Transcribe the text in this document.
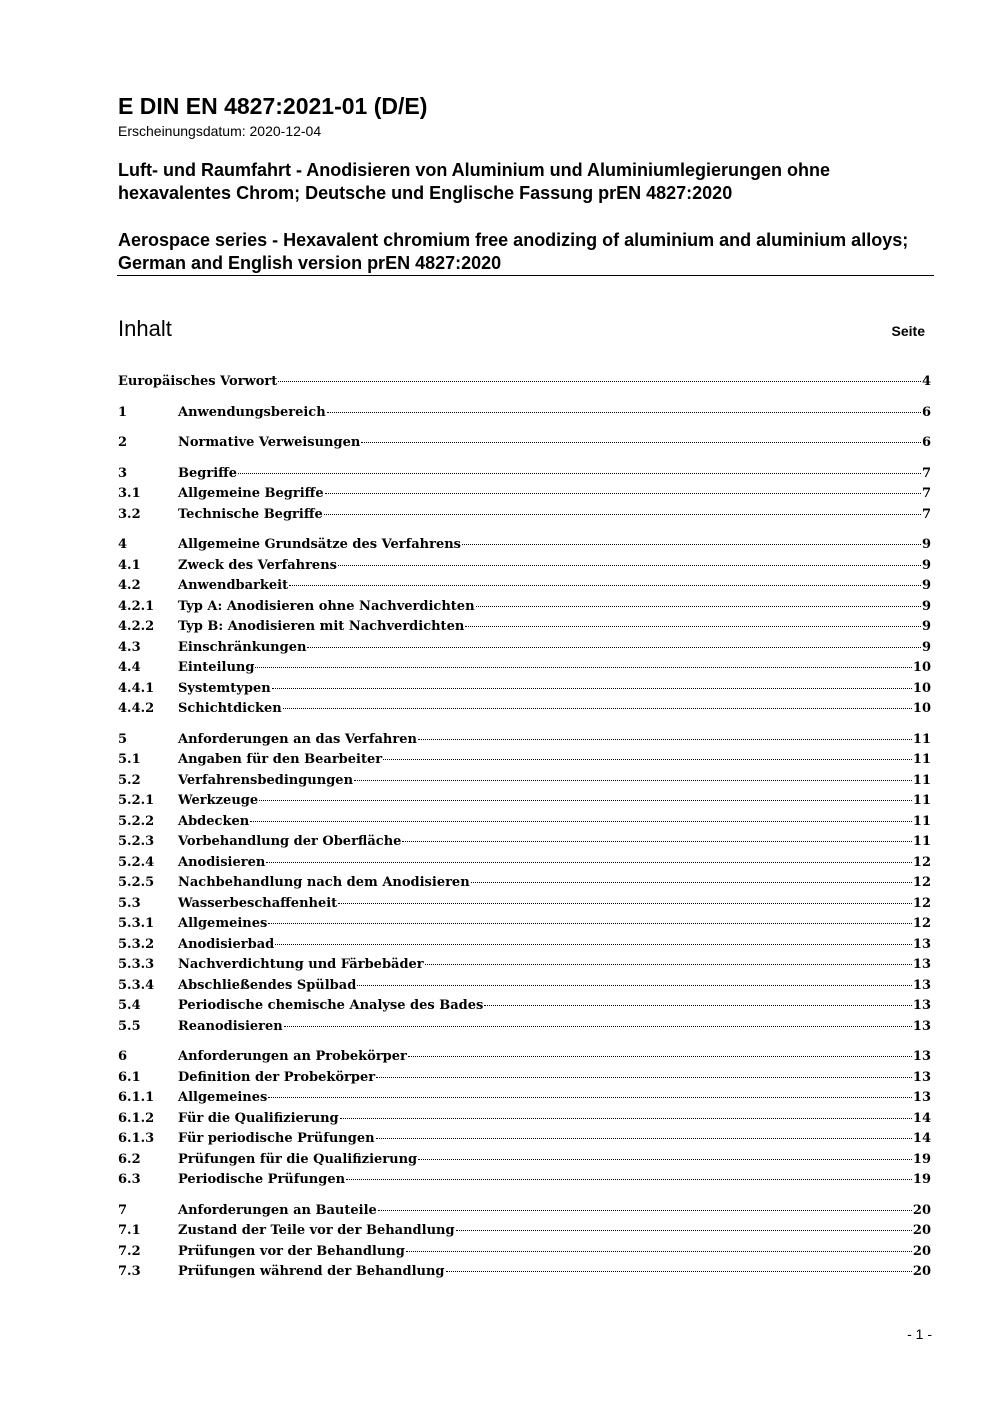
E DIN EN 4827:2021-01 (D/E)
Erscheinungsdatum: 2020-12-04
Luft- und Raumfahrt - Anodisieren von Aluminium und Aluminiumlegierungen ohne hexavalentes Chrom; Deutsche und Englische Fassung prEN 4827:2020
Aerospace series - Hexavalent chromium free anodizing of aluminium and aluminium alloys; German and English version prEN 4827:2020
Inhalt	Seite
Europäisches Vorwort	4
1	Anwendungsbereich	6
2	Normative Verweisungen	6
3	Begriffe	7
3.1	Allgemeine Begriffe	7
3.2	Technische Begriffe	7
4	Allgemeine Grundsätze des Verfahrens	9
4.1	Zweck des Verfahrens	9
4.2	Anwendbarkeit	9
4.2.1	Typ A: Anodisieren ohne Nachverdichten	9
4.2.2	Typ B: Anodisieren mit Nachverdichten	9
4.3	Einschränkungen	9
4.4	Einteilung	10
4.4.1	Systemtypen	10
4.4.2	Schichtdicken	10
5	Anforderungen an das Verfahren	11
5.1	Angaben für den Bearbeiter	11
5.2	Verfahrensbedingungen	11
5.2.1	Werkzeuge	11
5.2.2	Abdecken	11
5.2.3	Vorbehandlung der Oberfläche	11
5.2.4	Anodisieren	12
5.2.5	Nachbehandlung nach dem Anodisieren	12
5.3	Wasserbeschaffenheit	12
5.3.1	Allgemeines	12
5.3.2	Anodisierbad	13
5.3.3	Nachverdichtung und Färbebäder	13
5.3.4	Abschließendes Spülbad	13
5.4	Periodische chemische Analyse des Bades	13
5.5	Reanodisieren	13
6	Anforderungen an Probekörper	13
6.1	Definition der Probekörper	13
6.1.1	Allgemeines	13
6.1.2	Für die Qualifizierung	14
6.1.3	Für periodische Prüfungen	14
6.2	Prüfungen für die Qualifizierung	19
6.3	Periodische Prüfungen	19
7	Anforderungen an Bauteile	20
7.1	Zustand der Teile vor der Behandlung	20
7.2	Prüfungen vor der Behandlung	20
7.3	Prüfungen während der Behandlung	20
- 1 -
